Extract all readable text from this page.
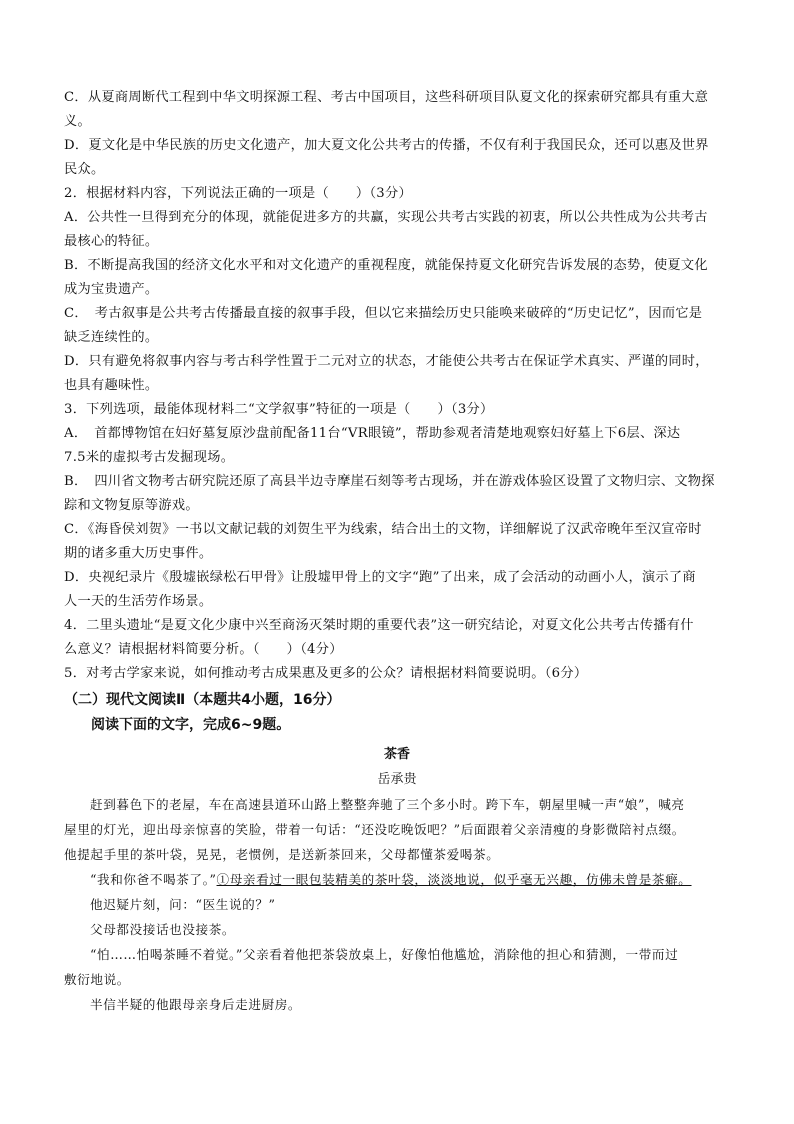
C．从夏商周断代工程到中华文明探源工程、考古中国项目，这些科研项目队夏文化的探索研究都具有重大意
义。
D．夏文化是中华民族的历史文化遗产，加大夏文化公共考古的传播，不仅有利于我国民众，还可以惠及世界
民众。
2．根据材料内容，下列说法正确的一项是（　　）（3分）
A．公共性一旦得到充分的体现，就能促进多方的共赢，实现公共考古实践的初衷，所以公共性成为公共考古
最核心的特征。
B．不断提高我国的经济文化水平和对文化遗产的重视程度，就能保持夏文化研究告诉发展的态势，使夏文化
成为宝贵遗产。
C．　考古叙事是公共考古传播最直接的叙事手段，但以它来描绘历史只能唤来破碎的“历史记忆”，因而它是
缺乏连续性的。
D．只有避免将叙事内容与考古科学性置于二元对立的状态，才能使公共考古在保证学术真实、严谨的同时，
也具有趣味性。
3．下列选项，最能体现材料二“文学叙事”特征的一项是（　　）（3分）
A．　首都博物馆在妇好墓复原沙盘前配备11台“VR眼镜”，帮助参观者清楚地观察妇好墓上下6层、深达
7.5米的虚拟考古发掘现场。
B．　四川省文物考古研究院还原了高县半边寺摩崖石刻等考古现场，并在游戏体验区设置了文物归宗、文物探
踪和文物复原等游戏。
C．《海昏侯刘贺》一书以文献记载的刘贺生平为线索，结合出土的文物，详细解说了汉武帝晚年至汉宣帝时
期的诸多重大历史事件。
D．央视纪录片《殷墟嵌绿松石甲骨》让殷墟甲骨上的文字“跑”了出来，成了会活动的动画小人，演示了商
人一天的生活劳作场景。
4．二里头遗址“是夏文化少康中兴至商汤灭桀时期的重要代表”这一研究结论，对夏文化公共考古传播有什
么意义？请根据材料简要分析。（　　）（4分）
5．对考古学家来说，如何推动考古成果惠及更多的公众？请根据材料简要说明。（6分）
（二）现代文阅读Ⅱ（本题共4小题，16分）
阅读下面的文字，完成6~9题。
茶香
岳承贵
赶到暮色下的老屋，车在高速县道环山路上整整奔驰了三个多小时。跨下车，朝屋里喊一声“娘”，喊亮
屋里的灯光，迎出母亲惊喜的笑脸，带着一句话：“还没吃晚饭吧？”后面跟着父亲清瘦的身影微陪衬点缀。
他提起手里的茶叶袋，晃晃，老惯例，是送新茶回来，父母都懂茶爱喝茶。
“我和你爸不喝茶了。”①母亲看过一眼包装精美的茶叶袋，淡淡地说，似乎毫无兴趣，仿佛未曾是茶癖。
他迟疑片刻，问：“医生说的？”
父母都没接话也没接茶。
“怕……怕喝茶睡不着觉。”父亲看着他把茶袋放桌上，好像怕他尴尬，消除他的担心和猜测，一带而过
敷衍地说。
半信半疑的他跟母亲身后走进厨房。
